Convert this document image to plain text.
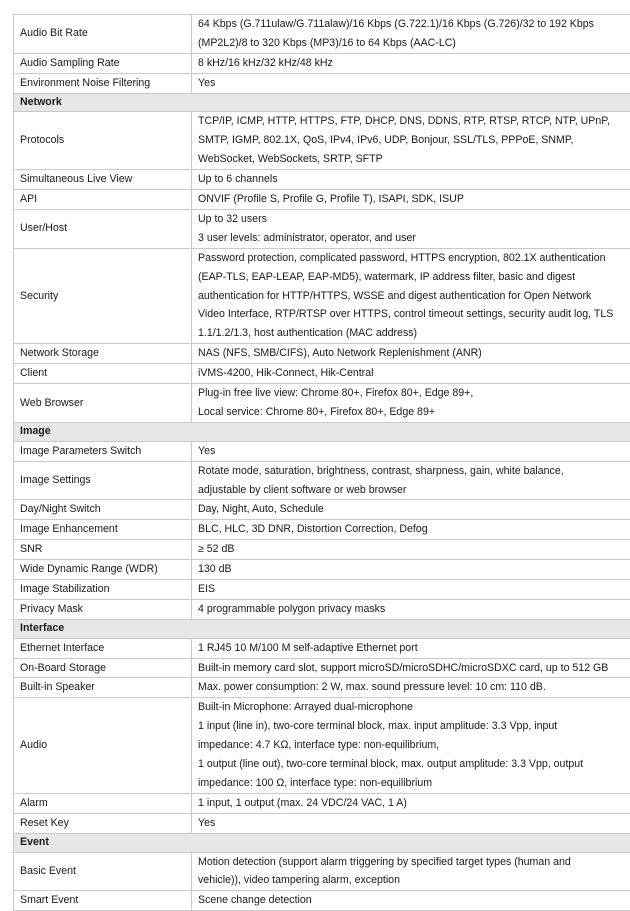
Audio Bit Rate	64 Kbps (G.711ulaw/G.711alaw)/16 Kbps (G.722.1)/16 Kbps (G.726)/32 to 192 Kbps
(MP2L2)/8 to 320 Kbps (MP3)/16 to 64 Kbps (AAC-LC)

Audio Sampling Rate	8 kHz/16 kHz/32 kHz/48 kHz

Environment Noise Filtering	Yes

Network	
Protocols	TCP/IP, ICMP, HTTP, HTTPS, FTP, DHCP, DNS, DDNS, RTP, RTSP, RTCP, NTP, UPnP,
SMTP, IGMP, 802.1X, QoS, IPv4, IPv6, UDP, Bonjour, SSL/TLS, PPPoE, SNMP,
WebSocket, WebSockets, SRTP, SFTP

Simultaneous Live View	Up to 6 channels

API	ONVIF (Profile S, Profile G, Profile T), ISAPI, SDK, ISUP

User/Host	Up to 32 users
3 user levels: administrator, operator, and user

Security	Password protection, complicated password, HTTPS encryption, 802.1X authentication
(EAP-TLS, EAP-LEAP, EAP-MD5), watermark, IP address filter, basic and digest
authentication for HTTP/HTTPS, WSSE and digest authentication for Open Network
Video Interface, RTP/RTSP over HTTPS, control timeout settings, security audit log, TLS
1.1/1.2/1.3, host authentication (MAC address)

Network Storage	NAS (NFS, SMB/CIFS), Auto Network Replenishment (ANR)

Client	iVMS-4200, Hik-Connect, Hik-Central

Web Browser	Plug-in free live view: Chrome 80+, Firefox 80+, Edge 89+,
Local service: Chrome 80+, Firefox 80+, Edge 89+

Image	
Image Parameters Switch	Yes

Image Settings	Rotate mode, saturation, brightness, contrast, sharpness, gain, white balance,
adjustable by client software or web browser

Day/Night Switch	Day, Night, Auto, Schedule

Image Enhancement	BLC, HLC, 3D DNR, Distortion Correction, Defog

SNR	≥ 52 dB

Wide Dynamic Range (WDR)	130 dB

Image Stabilization	EIS

Privacy Mask	4 programmable polygon privacy masks

Interface	
Ethernet Interface	1 RJ45 10 M/100 M self-adaptive Ethernet port

On-Board Storage	Built-in memory card slot, support microSD/microSDHC/microSDXC card, up to 512 GB

Built-in Speaker	Max. power consumption: 2 W, max. sound pressure level: 10 cm: 110 dB.

Audio	Built-in Microphone: Arrayed dual-microphone
1 input (line in), two-core terminal block, max. input amplitude: 3.3 Vpp, input
impedance: 4.7 KΩ, interface type: non-equilibrium,
1 output (line out), two-core terminal block, max. output amplitude: 3.3 Vpp, output
impedance: 100 Ω, interface type: non-equilibrium

Alarm	1 input, 1 output (max. 24 VDC/24 VAC, 1 A)

Reset Key	Yes

Event	
Basic Event	Motion detection (support alarm triggering by specified target types (human and
vehicle)), video tampering alarm, exception

Smart Event	Scene change detection
